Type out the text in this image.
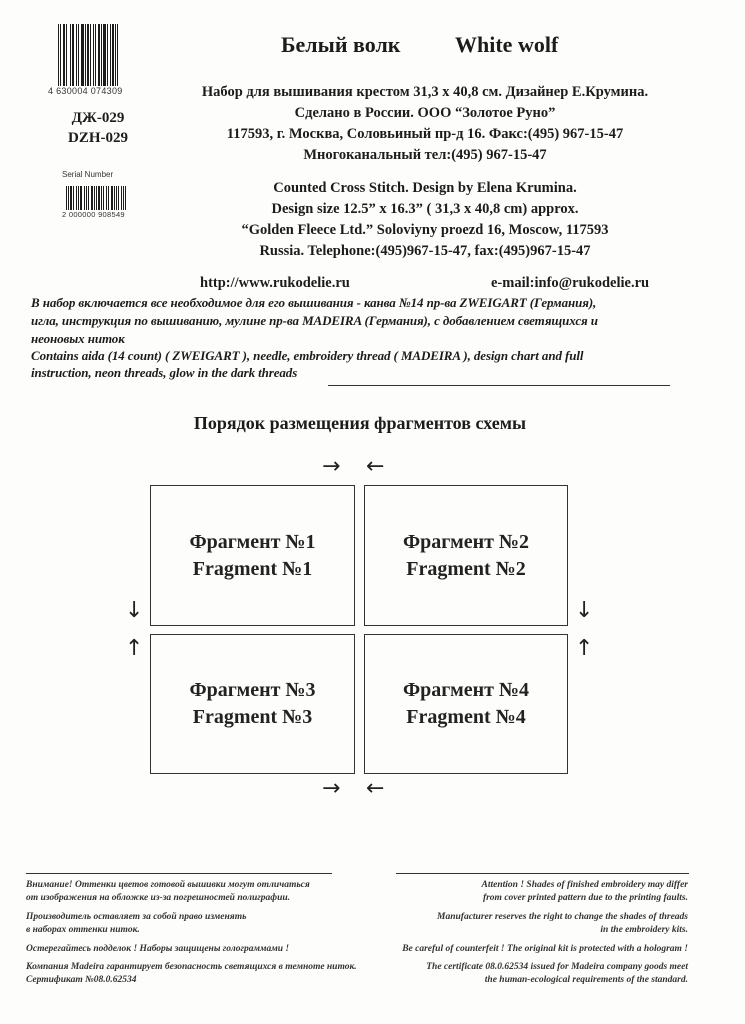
4 630004 074309
ДЖ-029
DZH-029
Serial Number
2 000000 908549
Белый волк White wolf
Набор для вышивания крестом 31,3 х 40,8 см. Дизайнер Е.Крумина.
Сделано в России. ООО “Золотое Руно”
117593, г. Москва, Соловьиный пр-д 16. Факс:(495) 967-15-47
Многоканальный тел:(495) 967-15-47
Counted Cross Stitch. Design by Elena Krumina.
Design size 12.5” x 16.3” ( 31,3 x 40,8 cm) approx.
“Golden Fleece Ltd.” Soloviyny proezd 16, Moscow, 117593
Russia. Telephone:(495)967-15-47, fax:(495)967-15-47
http://www.rukodelie.ru	e-mail:info@rukodelie.ru
В набор включается все необходимое для его вышивания - канва №14 пр-ва ZWEIGART (Германия),
игла, инструкция по вышиванию, мулине пр-ва MADEIRA (Германия), с добавлением светящихся и
неоновых ниток
Contains aida (14 count) ( ZWEIGART ), needle, embroidery thread ( MADEIRA ), design chart and full
instruction, neon threads, glow in the dark threads
Порядок размещения фрагментов схемы
→ ←
Фрагмент №1
Fragment №1
Фрагмент №2
Fragment №2
Фрагмент №3
Fragment №3
Фрагмент №4
Fragment №4
↓
↑
↓
↑
→ ←
Внимание! Оттенки цветов готовой вышивки могут отличаться
от изображения на обложке из-за погрешностей полиграфии.
Производитель оставляет за собой право изменять
в наборах оттенки ниток.
Остерегайтесь подделок ! Наборы защищены голограммами !
Компания Madeira гарантирует безопасность светящихся в темноте ниток.
Сертификат №08.0.62534
Attention ! Shades of finished embroidery may differ
from cover printed pattern due to the printing faults.
Manufacturer reserves the right to change the shades of threads
in the embroidery kits.
Be careful of counterfeit ! The original kit is protected with a hologram !
The certificate 08.0.62534 issued for Madeira company goods meet
the human-ecological requirements of the standard.
